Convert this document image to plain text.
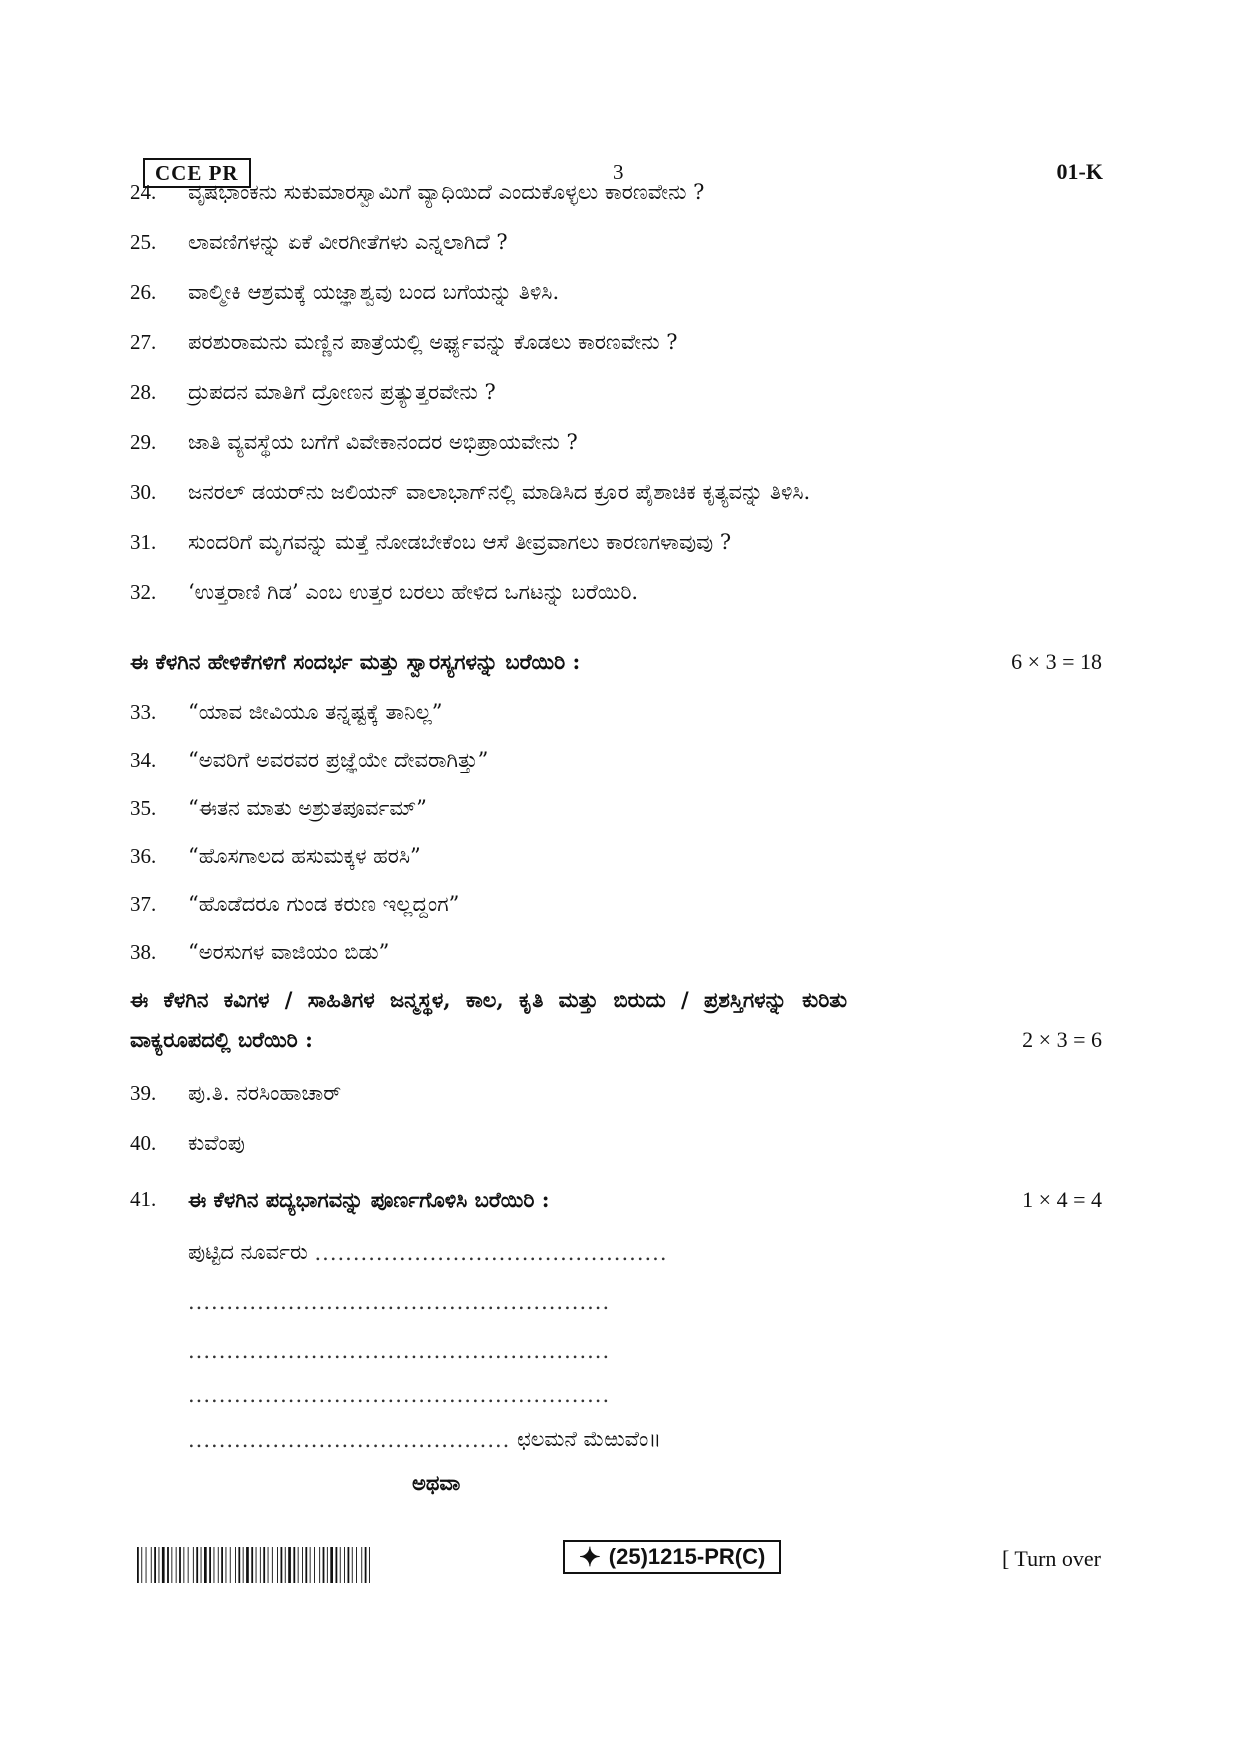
CCE PR	3	01-K
24.	ವೃಷಭಾಂಕನು ಸುಕುಮಾರಸ್ವಾಮಿಗೆ ವ್ಯಾಧಿಯಿದೆ ಎಂದುಕೊಳ್ಳಲು ಕಾರಣವೇನು ?
25.	ಲಾವಣಿಗಳನ್ನು ಏಕೆ ವೀರಗೀತೆಗಳು ಎನ್ನಲಾಗಿದೆ ?
26.	ವಾಲ್ಮೀಕಿ ಆಶ್ರಮಕ್ಕೆ ಯಜ್ಞಾಶ್ವವು ಬಂದ ಬಗೆಯನ್ನು ತಿಳಿಸಿ.
27.	ಪರಶುರಾಮನು ಮಣ್ಣಿನ ಪಾತ್ರೆಯಲ್ಲಿ ಅರ್ಘ್ಯವನ್ನು ಕೊಡಲು ಕಾರಣವೇನು ?
28.	ದ್ರುಪದನ ಮಾತಿಗೆ ದ್ರೋಣನ ಪ್ರತ್ಯುತ್ತರವೇನು ?
29.	ಜಾತಿ ವ್ಯವಸ್ಥೆಯ ಬಗೆಗೆ ವಿವೇಕಾನಂದರ ಅಭಿಪ್ರಾಯವೇನು ?
30.	ಜನರಲ್ ಡಯರ್‌ನು ಜಲಿಯನ್ ವಾಲಾಭಾಗ್‌ನಲ್ಲಿ ಮಾಡಿಸಿದ ಕ್ರೂರ ಪೈಶಾಚಿಕ ಕೃತ್ಯವನ್ನು ತಿಳಿಸಿ.
31.	ಸುಂದರಿಗೆ ಮೃಗವನ್ನು ಮತ್ತೆ ನೋಡಬೇಕೆಂಬ ಆಸೆ ತೀವ್ರವಾಗಲು ಕಾರಣಗಳಾವುವು ?
32.	‘ಉತ್ತರಾಣಿ ಗಿಡ’ ಎಂಬ ಉತ್ತರ ಬರಲು ಹೇಳಿದ ಒಗಟನ್ನು ಬರೆಯಿರಿ.
ಈ ಕೆಳಗಿನ ಹೇಳಿಕೆಗಳಿಗೆ ಸಂದರ್ಭ ಮತ್ತು ಸ್ವಾರಸ್ಯಗಳನ್ನು ಬರೆಯಿರಿ :	6 × 3 = 18
33.	“ಯಾವ ಜೀವಿಯೂ ತನ್ನಷ್ಟಕ್ಕೆ ತಾನಿಲ್ಲ”
34.	“ಅವರಿಗೆ ಅವರವರ ಪ್ರಜ್ಞೆಯೇ ದೇವರಾಗಿತ್ತು”
35.	“ಈತನ ಮಾತು ಅಶ್ರುತಪೂರ್ವಮ್”
36.	“ಹೊಸಗಾಲದ ಹಸುಮಕ್ಕಳ ಹರಸಿ”
37.	“ಹೊಡೆದರೂ ಗುಂಡ ಕರುಣ ಇಲ್ಲದ್ದಂಗ”
38.	“ಅರಸುಗಳ ವಾಜಿಯಂ ಬಿಡು”
ಈ ಕೆಳಗಿನ ಕವಿಗಳ / ಸಾಹಿತಿಗಳ ಜನ್ಮಸ್ಥಳ, ಕಾಲ, ಕೃತಿ ಮತ್ತು ಬಿರುದು / ಪ್ರಶಸ್ತಿಗಳನ್ನು ಕುರಿತು
ವಾಕ್ಯರೂಪದಲ್ಲಿ ಬರೆಯಿರಿ :	2 × 3 = 6
39.	ಪು.ತಿ. ನರಸಿಂಹಾಚಾರ್
40.	ಕುವೆಂಪು
41.	ಈ ಕೆಳಗಿನ ಪದ್ಯಭಾಗವನ್ನು ಪೂರ್ಣಗೊಳಿಸಿ ಬರೆಯಿರಿ :	1 × 4 = 4
ಪುಟ್ಟಿದ ನೂರ್ವರು
..............................................
.......................................................
.......................................................
.......................................................
..........................................
ಛಲಮನೆ ಮೆಱುವೆಂ॥
ಅಥವಾ
✦ (25)1215-PR(C)	[ Turn over
